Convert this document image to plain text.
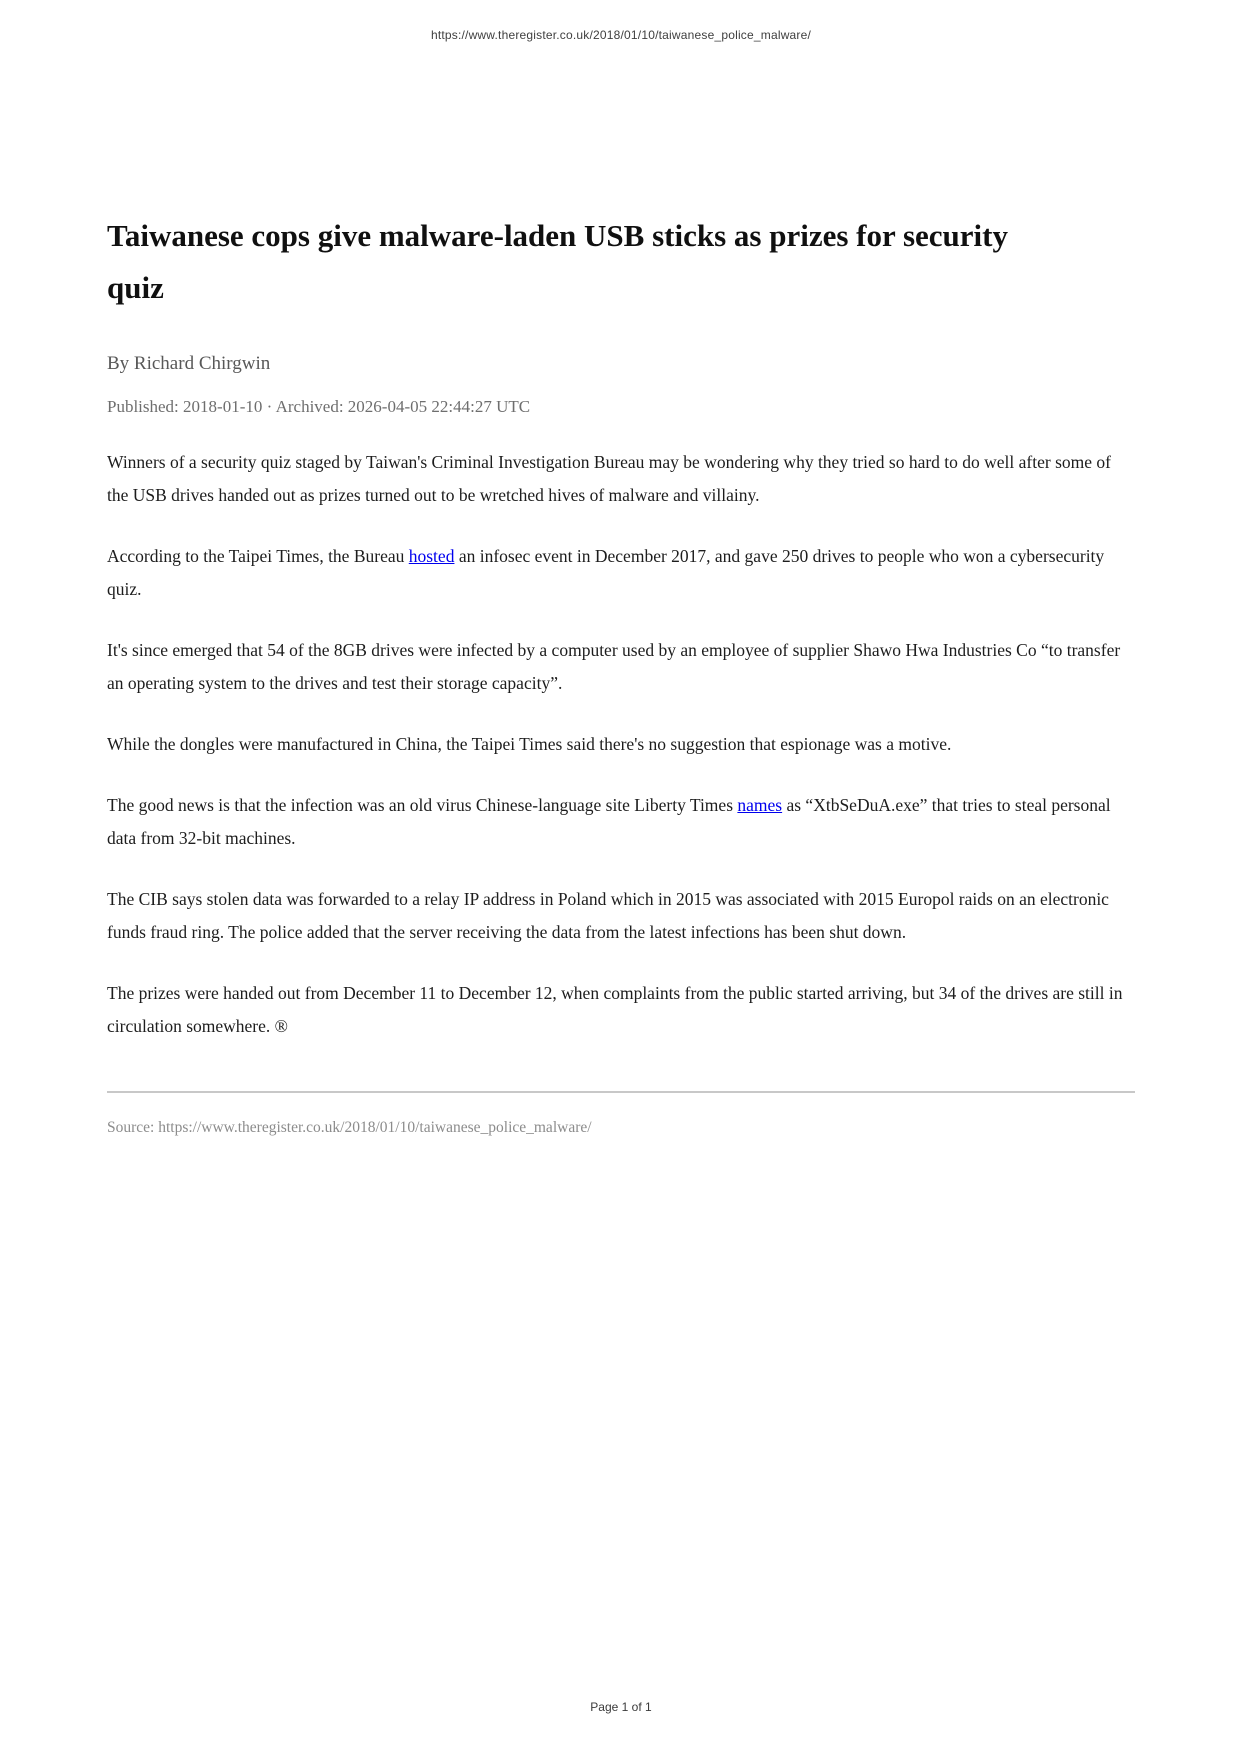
https://www.theregister.co.uk/2018/01/10/taiwanese_police_malware/
Taiwanese cops give malware-laden USB sticks as prizes for security quiz
By Richard Chirgwin
Published: 2018-01-10 · Archived: 2026-04-05 22:44:27 UTC

Winners of a security quiz staged by Taiwan's Criminal Investigation Bureau may be wondering why they tried so hard to do well after some of the USB drives handed out as prizes turned out to be wretched hives of malware and villainy.

According to the Taipei Times, the Bureau hosted an infosec event in December 2017, and gave 250 drives to people who won a cybersecurity quiz.

It's since emerged that 54 of the 8GB drives were infected by a computer used by an employee of supplier Shawo Hwa Industries Co “to transfer an operating system to the drives and test their storage capacity”.

While the dongles were manufactured in China, the Taipei Times said there's no suggestion that espionage was a motive.

The good news is that the infection was an old virus Chinese-language site Liberty Times names as “XtbSeDuA.exe” that tries to steal personal data from 32-bit machines.

The CIB says stolen data was forwarded to a relay IP address in Poland which in 2015 was associated with 2015 Europol raids on an electronic funds fraud ring. The police added that the server receiving the data from the latest infections has been shut down.

The prizes were handed out from December 11 to December 12, when complaints from the public started arriving, but 34 of the drives are still in circulation somewhere. ®

Source: https://www.theregister.co.uk/2018/01/10/taiwanese_police_malware/
Page 1 of 1
